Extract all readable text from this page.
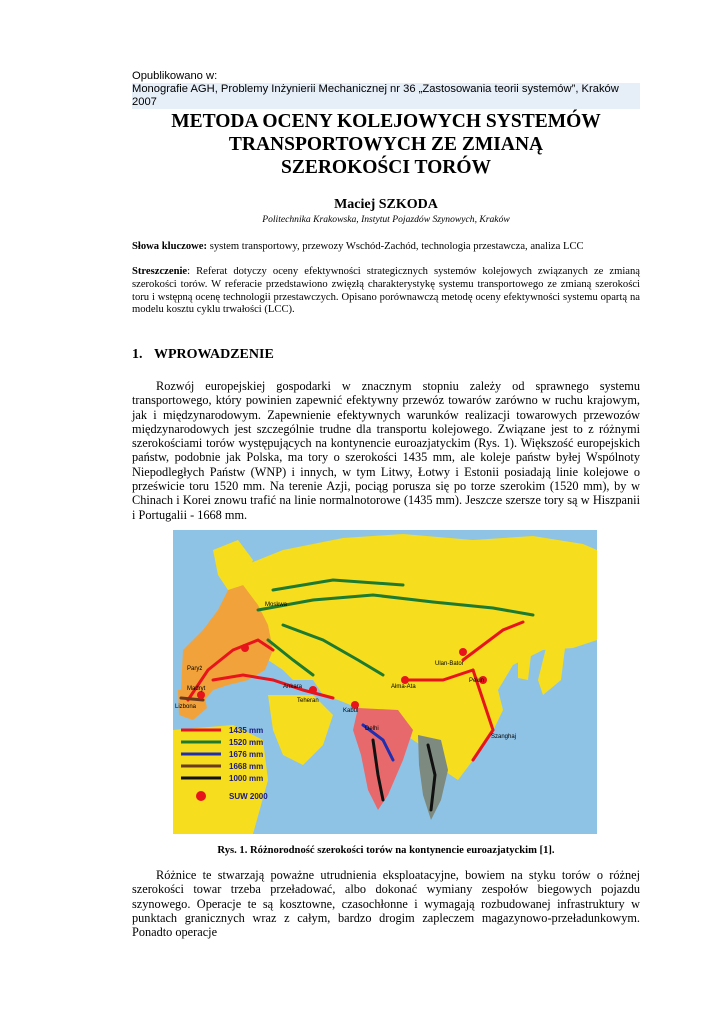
Opublikowano w:
Monografie AGH, Problemy Inżynierii Mechanicznej nr 36 „Zastosowania teorii systemów”, Kraków 2007
METODA OCENY KOLEJOWYCH SYSTEMÓW
TRANSPORTOWYCH ZE ZMIANĄ
SZEROKOŚCI TORÓW
Maciej SZKODA
Politechnika Krakowska, Instytut Pojazdów Szynowych, Kraków
Słowa kluczowe: system transportowy, przewozy Wschód-Zachód, technologia przestawcza, analiza LCC
Streszczenie: Referat dotyczy oceny efektywności strategicznych systemów kolejowych związanych ze zmianą szerokości torów. W referacie przedstawiono zwięzłą charakterystykę systemu transportowego ze zmianą szerokości toru i wstępną ocenę technologii przestawczych. Opisano porównawczą metodę oceny efektywności systemu opartą na modelu kosztu cyklu trwałości (LCC).
1. WPROWADZENIE
Rozwój europejskiej gospodarki w znacznym stopniu zależy od sprawnego systemu transportowego, który powinien zapewnić efektywny przewóz towarów zarówno w ruchu krajowym, jak i międzynarodowym. Zapewnienie efektywnych warunków realizacji towarowych przewozów międzynarodowych jest szczególnie trudne dla transportu kolejowego. Związane jest to z różnymi szerokościami torów występujących na kontynencie euroazjatyckim (Rys. 1). Większość europejskich państw, podobnie jak Polska, ma tory o szerokości 1435 mm, ale koleje państw byłej Wspólnoty Niepodległych Państw (WNP) i innych, w tym Litwy, Łotwy i Estonii posiadają linie kolejowe o prześwicie toru 1520 mm. Na terenie Azji, pociąg porusza się po torze szerokim (1520 mm), by w Chinach i Korei znowu trafić na linie normalnotorowe (1435 mm). Jeszcze szersze tory są w Hiszpanii i Portugalii - 1668 mm.
Ulan-Bator
Pekin
Szanghaj
Ałma-Ata
Teheran
Kabul
Delhi
Ankara
Paryż
Madryt
Lizbona
Moskwa
1435 mm
1520 mm
1676 mm
1668 mm
1000 mm
SUW 2000
Rys. 1. Różnorodność szerokości torów na kontynencie euroazjatyckim [1].
Różnice te stwarzają poważne utrudnienia eksploatacyjne, bowiem na styku torów o różnej szerokości towar trzeba przeładować, albo dokonać wymiany zespołów biegowych pojazdu szynowego. Operacje te są kosztowne, czasochłonne i wymagają rozbudowanej infrastruktury w punktach granicznych wraz z całym, bardzo drogim zapleczem magazynowo-przeładunkowym. Ponadto operacje
